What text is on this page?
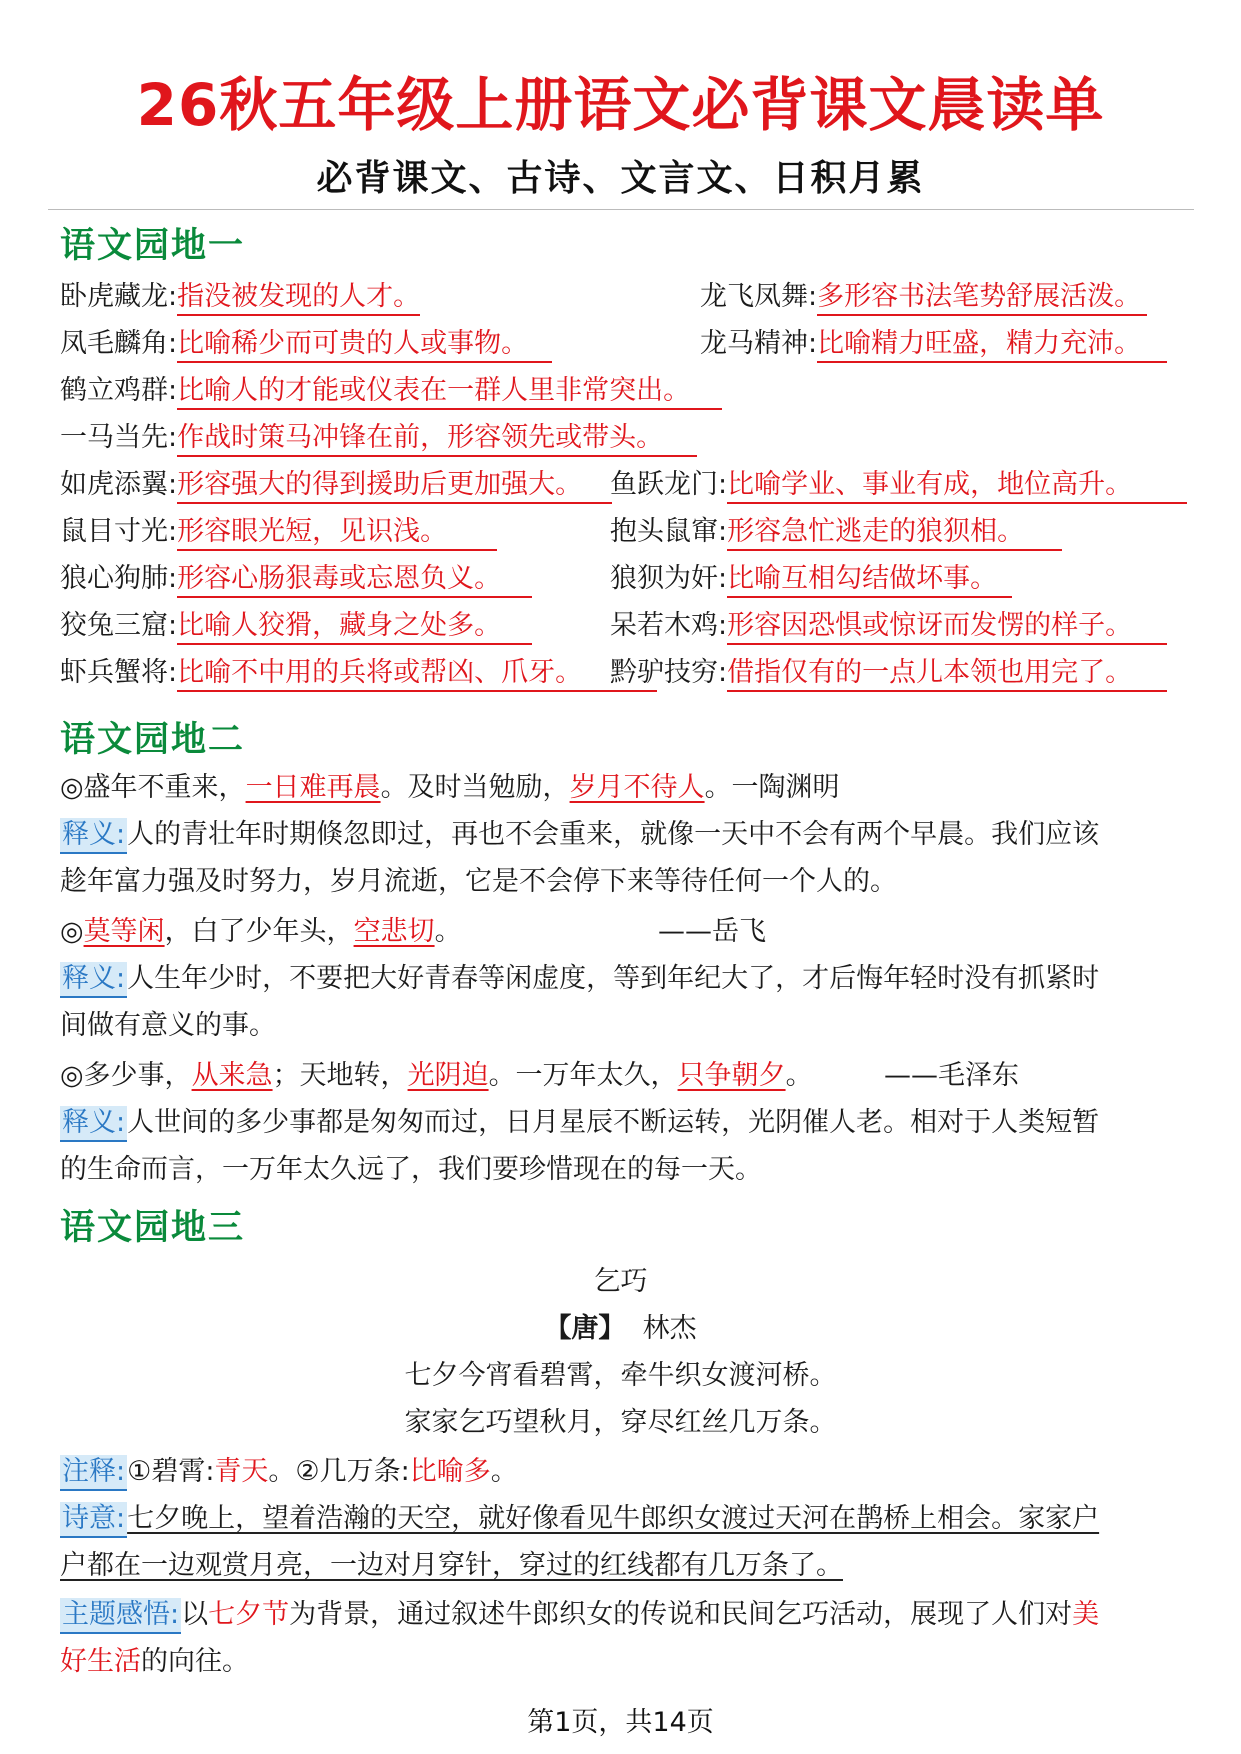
26秋五年级上册语文必背课文晨读单
必背课文、古诗、文言文、日积月累
语文园地一
卧虎藏龙:指没被发现的人才。	龙飞凤舞:多形容书法笔势舒展活泼。
凤毛麟角:比喻稀少而可贵的人或事物。	龙马精神:比喻精力旺盛，精力充沛。
鹤立鸡群:比喻人的才能或仪表在一群人里非常突出。
一马当先:作战时策马冲锋在前，形容领先或带头。
如虎添翼:形容强大的得到援助后更加强大。	鱼跃龙门:比喻学业、事业有成，地位高升。
鼠目寸光:形容眼光短，见识浅。	抱头鼠窜:形容急忙逃走的狼狈相。
狼心狗肺:形容心肠狠毒或忘恩负义。	狼狈为奸:比喻互相勾结做坏事。
狡兔三窟:比喻人狡猾，藏身之处多。	呆若木鸡:形容因恐惧或惊讶而发愣的样子。
虾兵蟹将:比喻不中用的兵将或帮凶、爪牙。	黔驴技穷:借指仅有的一点儿本领也用完了。
语文园地二
◎盛年不重来，一日难再晨。及时当勉励，岁月不待人。一陶渊明
释义:人的青壮年时期倏忽即过，再也不会重来，就像一天中不会有两个早晨。我们应该
趁年富力强及时努力，岁月流逝，它是不会停下来等待任何一个人的。
◎莫等闲，白了少年头，空悲切。	——岳飞
释义:人生年少时，不要把大好青春等闲虚度，等到年纪大了，才后悔年轻时没有抓紧时
间做有意义的事。
◎多少事，从来急；天地转，光阴迫。一万年太久，只争朝夕。	——毛泽东
释义:人世间的多少事都是匆匆而过，日月星辰不断运转，光阴催人老。相对于人类短暂
的生命而言，一万年太久远了，我们要珍惜现在的每一天。
语文园地三
乞巧
【唐】 林杰
七夕今宵看碧霄，牵牛织女渡河桥。
家家乞巧望秋月，穿尽红丝几万条。
注释:①碧霄:青天。②几万条:比喻多。
诗意:七夕晚上，望着浩瀚的天空，就好像看见牛郎织女渡过天河在鹊桥上相会。家家户
户都在一边观赏月亮，一边对月穿针，穿过的红线都有几万条了。
主题感悟:以七夕节为背景，通过叙述牛郎织女的传说和民间乞巧活动，展现了人们对美
好生活的向往。
第1页，共14页
